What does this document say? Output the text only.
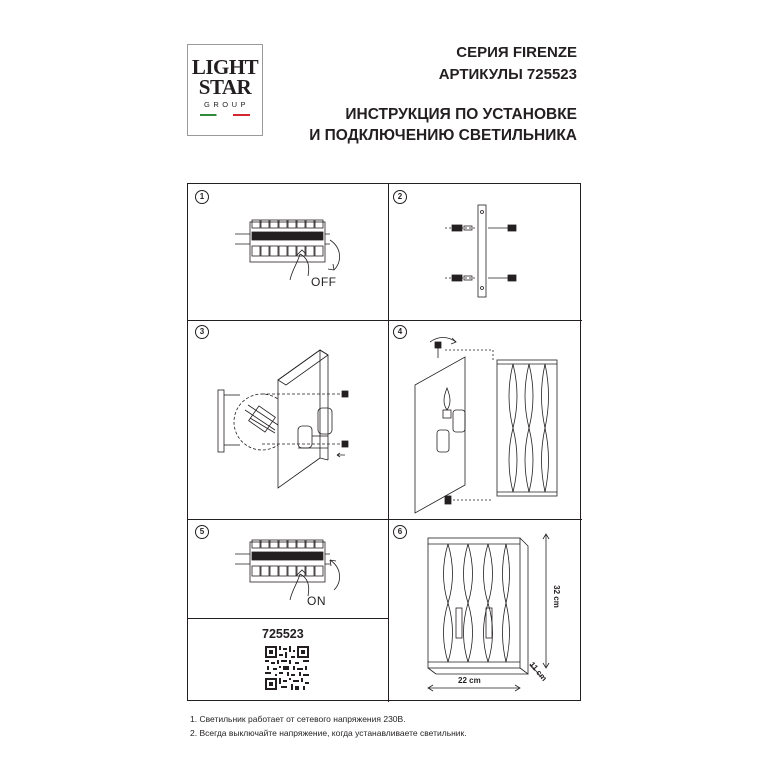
LIGHT
STAR
GROUP
СЕРИЯ FIRENZE
АРТИКУЛЫ 725523
ИНСТРУКЦИЯ ПО УСТАНОВКЕ
И ПОДКЛЮЧЕНИЮ СВЕТИЛЬНИКА
1	2
3	4
5	6
OFF
ON
725523
32 cm
22 cm	11 cm
1. Светильник работает от сетевого напряжения 230В.
2. Всегда выключайте напряжение, когда устанавливаете светильник.
